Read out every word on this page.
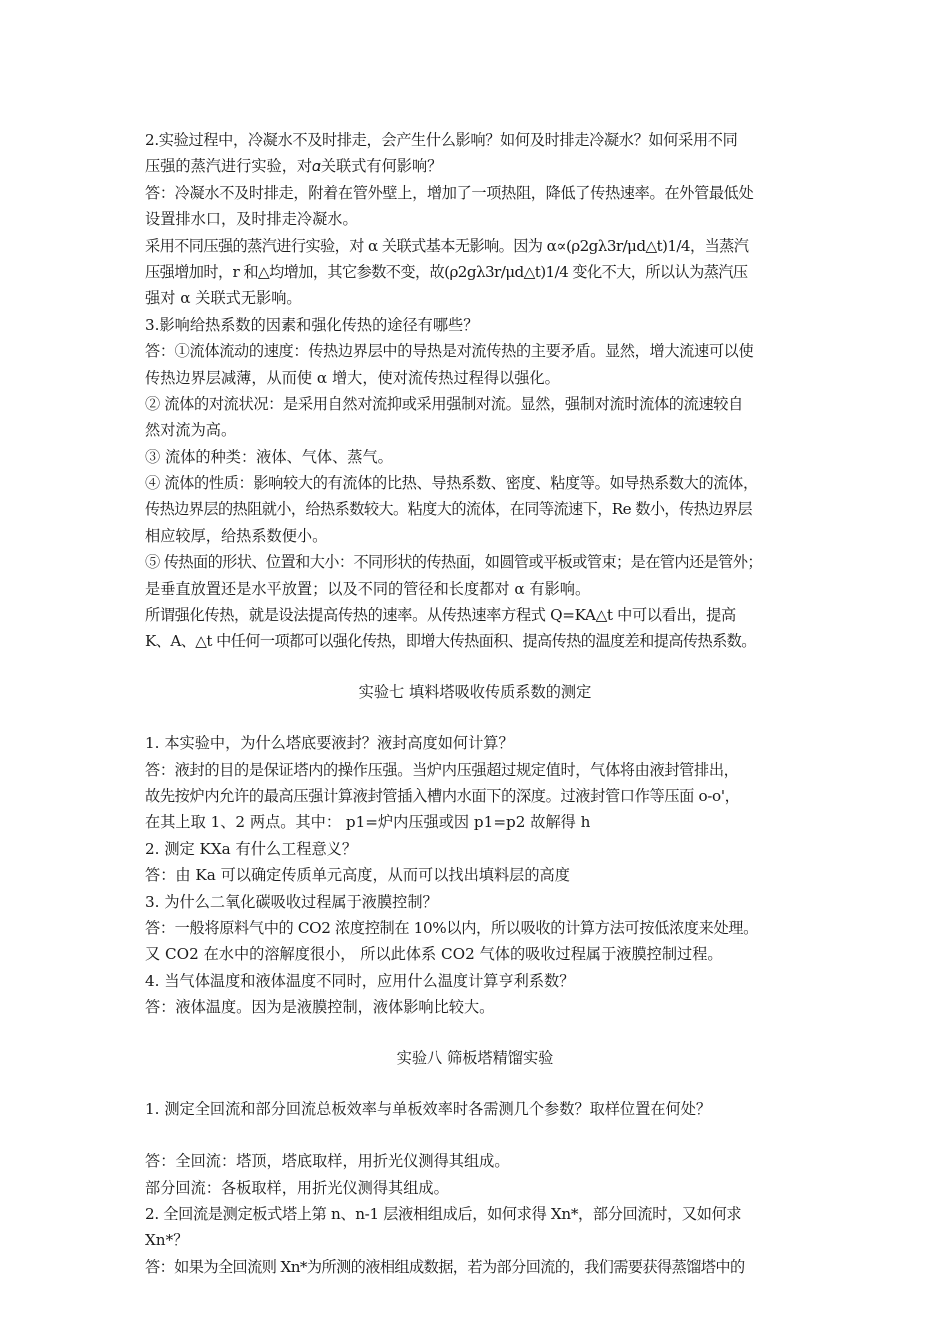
2.实验过程中，冷凝水不及时排走，会产生什么影响？如何及时排走冷凝水？如何采用不同
压强的蒸汽进行实验，对𝛼关联式有何影响？
答：冷凝水不及时排走，附着在管外壁上，增加了一项热阻，降低了传热速率。在外管最低处
设置排水口，及时排走冷凝水。
采用不同压强的蒸汽进行实验，对 α 关联式基本无影响。因为 α∝(ρ2gλ3r/μd△t)1/4，当蒸汽
压强增加时，r 和△均增加，其它参数不变，故(ρ2gλ3r/μd△t)1/4 变化不大，所以认为蒸汽压
强对 α 关联式无影响。
3.影响给热系数的因素和强化传热的途径有哪些？
答：①流体流动的速度：传热边界层中的导热是对流传热的主要矛盾。显然，增大流速可以使
传热边界层减薄，从而使 α 增大，使对流传热过程得以强化。
② 流体的对流状况：是采用自然对流抑或采用强制对流。显然，强制对流时流体的流速较自
然对流为高。
③ 流体的种类：液体、气体、蒸气。
④ 流体的性质：影响较大的有流体的比热、导热系数、密度、粘度等。如导热系数大的流体，
传热边界层的热阻就小，给热系数较大。粘度大的流体，在同等流速下，Re 数小，传热边界层
相应较厚，给热系数便小。
⑤ 传热面的形状、位置和大小：不同形状的传热面，如圆管或平板或管束；是在管内还是管外；
是垂直放置还是水平放置；以及不同的管径和长度都对 α 有影响。
所谓强化传热，就是设法提高传热的速率。从传热速率方程式 Q=KA△t 中可以看出，提高
K、A、△t 中任何一项都可以强化传热，即增大传热面积、提高传热的温度差和提高传热系数。
实验七 填料塔吸收传质系数的测定
1. 本实验中，为什么塔底要液封？液封高度如何计算？
答：液封的目的是保证塔内的操作压强。当炉内压强超过规定值时，气体将由液封管排出，
故先按炉内允许的最高压强计算液封管插入槽内水面下的深度。过液封管口作等压面 o-o'，
在其上取 1、2 两点。其中： p1=炉内压强或因 p1=p2 故解得 h
2. 测定 KXa 有什么工程意义？
答：由 Ka 可以确定传质单元高度，从而可以找出填料层的高度
3. 为什么二氧化碳吸收过程属于液膜控制？
答：一般将原料气中的 CO2 浓度控制在 10%以内，所以吸收的计算方法可按低浓度来处理。
又 CO2 在水中的溶解度很小， 所以此体系 CO2 气体的吸收过程属于液膜控制过程。
4. 当气体温度和液体温度不同时，应用什么温度计算亨利系数？
答：液体温度。因为是液膜控制，液体影响比较大。
实验八 筛板塔精馏实验
1. 测定全回流和部分回流总板效率与单板效率时各需测几个参数？取样位置在何处？
答：全回流：塔顶，塔底取样，用折光仪测得其组成。
部分回流：各板取样，用折光仪测得其组成。
2. 全回流是测定板式塔上第 n、n-1 层液相组成后，如何求得 Xn*，部分回流时，又如何求
Xn*？
答：如果为全回流则 Xn*为所测的液相组成数据，若为部分回流的，我们需要获得蒸馏塔中的
